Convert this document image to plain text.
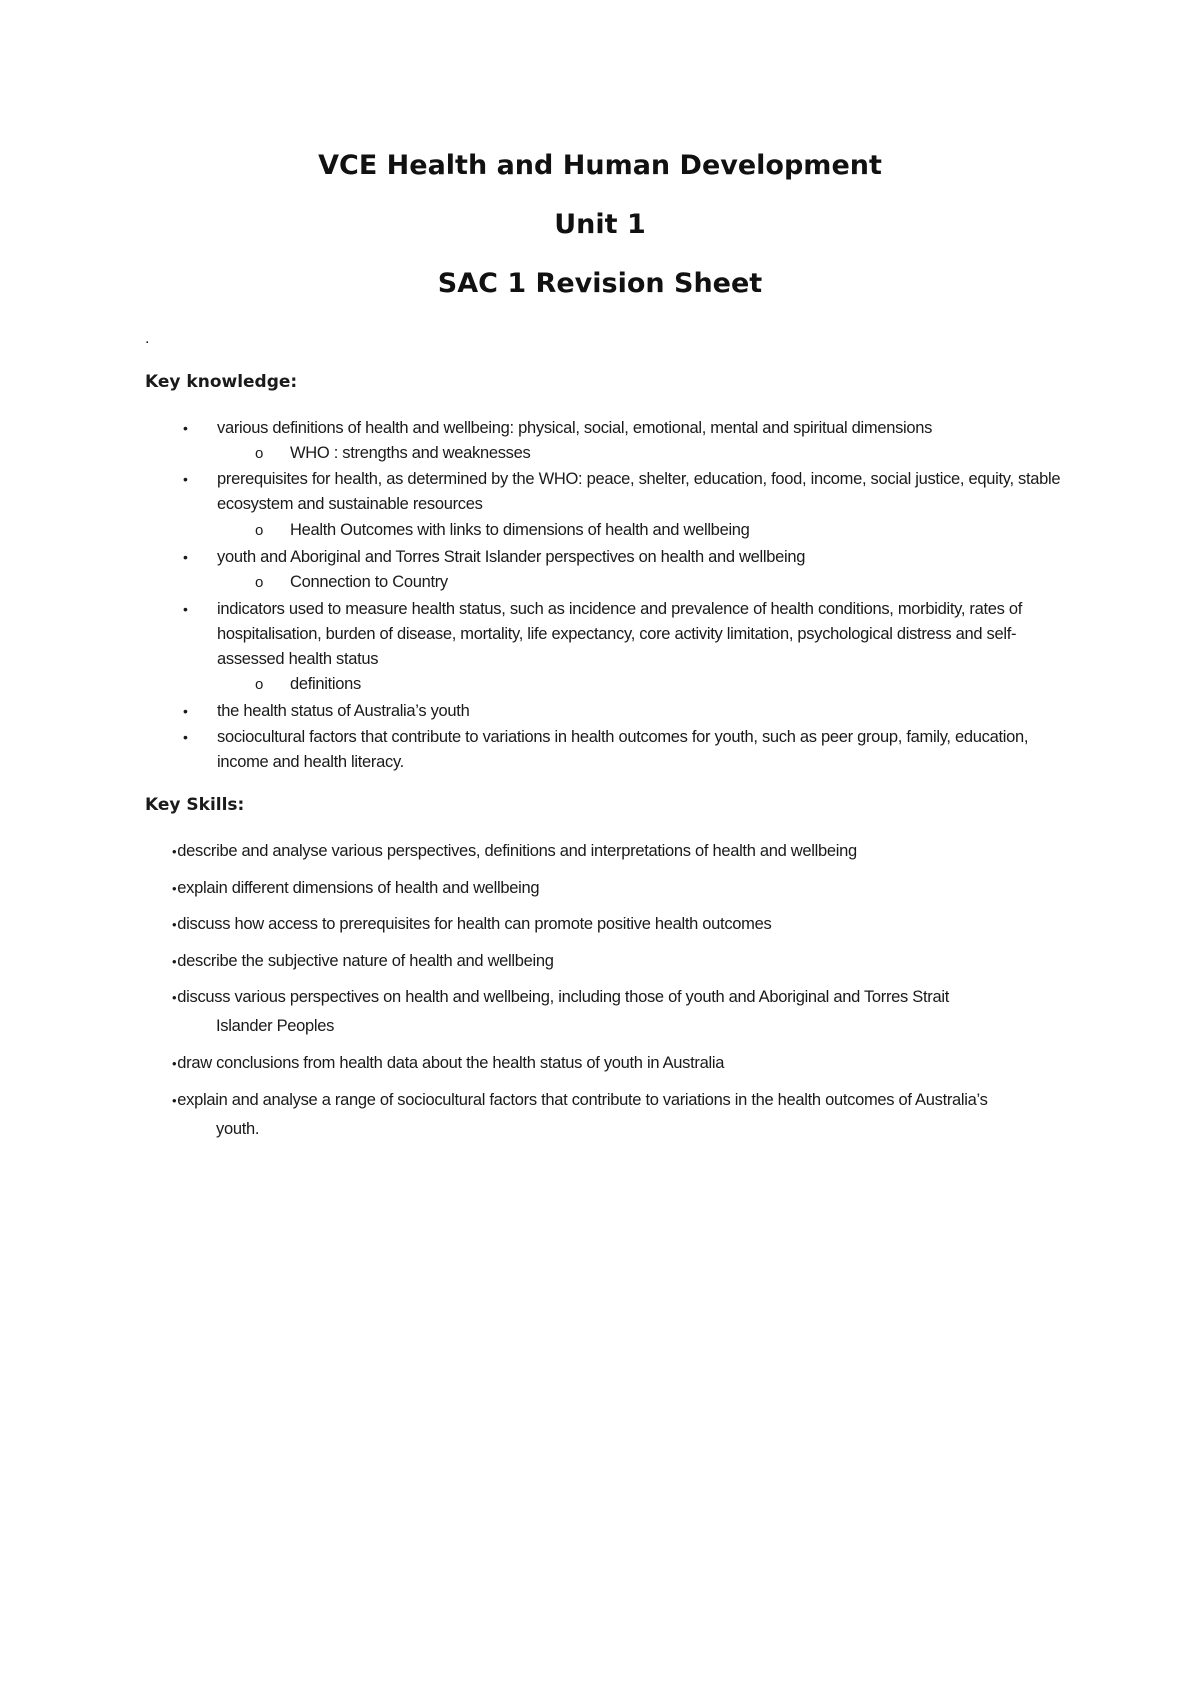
VCE Health and Human Development
Unit 1
SAC 1 Revision Sheet
.
Key knowledge:
• various definitions of health and wellbeing: physical, social, emotional, mental and spiritual dimensions
o WHO : strengths and weaknesses
• prerequisites for health, as determined by the WHO: peace, shelter, education, food, income, social justice, equity, stable ecosystem and sustainable resources
o Health Outcomes with links to dimensions of health and wellbeing
• youth and Aboriginal and Torres Strait Islander perspectives on health and wellbeing
o Connection to Country
• indicators used to measure health status, such as incidence and prevalence of health conditions, morbidity, rates of hospitalisation, burden of disease, mortality, life expectancy, core activity limitation, psychological distress and self-assessed health status
o definitions
• the health status of Australia’s youth
• sociocultural factors that contribute to variations in health outcomes for youth, such as peer group, family, education, income and health literacy.
Key Skills:
•describe and analyse various perspectives, definitions and interpretations of health and wellbeing
•explain different dimensions of health and wellbeing
•discuss how access to prerequisites for health can promote positive health outcomes
•describe the subjective nature of health and wellbeing
•discuss various perspectives on health and wellbeing, including those of youth and Aboriginal and Torres Strait
Islander Peoples
•draw conclusions from health data about the health status of youth in Australia
•explain and analyse a range of sociocultural factors that contribute to variations in the health outcomes of Australia’s
youth.
